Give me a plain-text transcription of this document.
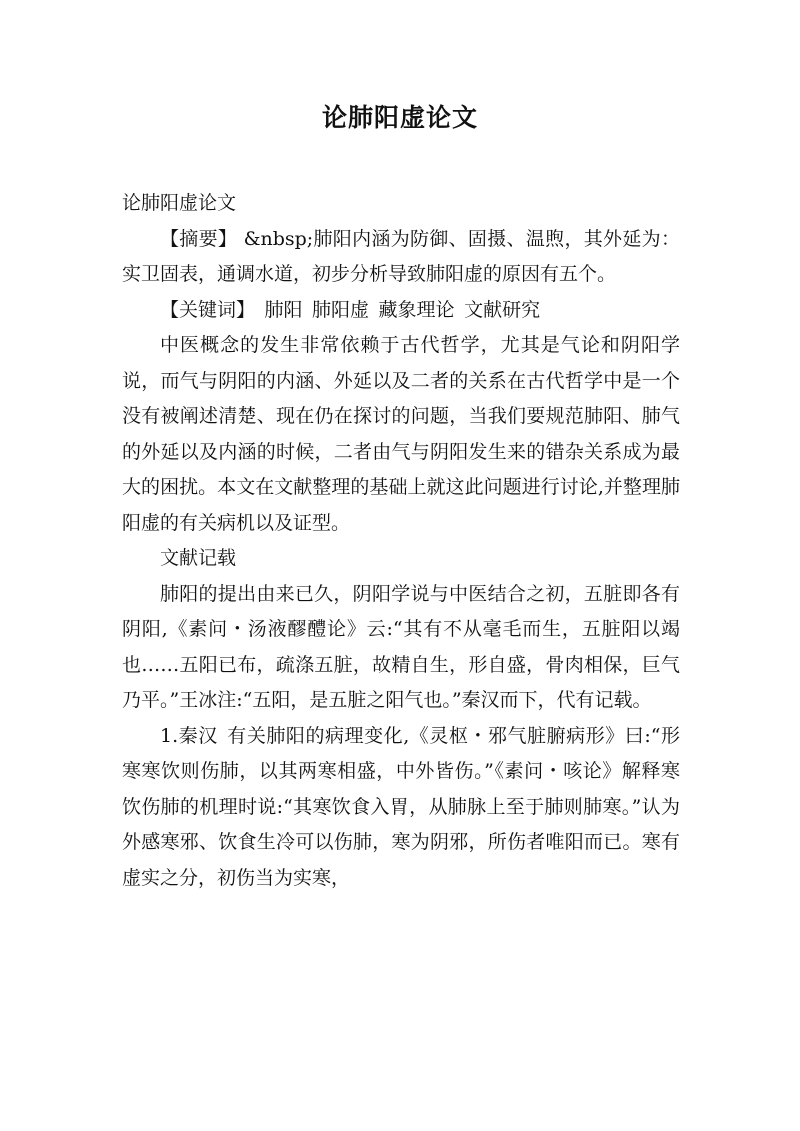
论肺阳虚论文

论肺阳虚论文

【摘要】 &nbsp;肺阳内涵为防御、固摄、温煦，其外延为：实卫固表，通调水道，初步分析导致肺阳虚的原因有五个。

【关键词】 肺阳 肺阳虚 藏象理论 文献研究

中医概念的发生非常依赖于古代哲学，尤其是气论和阴阳学说，而气与阴阳的内涵、外延以及二者的关系在古代哲学中是一个没有被阐述清楚、现在仍在探讨的问题，当我们要规范肺阳、肺气的外延以及内涵的时候，二者由气与阴阳发生来的错杂关系成为最大的困扰。本文在文献整理的基础上就这此问题进行讨论,并整理肺阳虚的有关病机以及证型。

文献记载

肺阳的提出由来已久，阴阳学说与中医结合之初，五脏即各有阴阳,《素问・汤液醪醴论》云:“其有不从毫毛而生，五脏阳以竭也……五阳已布，疏涤五脏，故精自生，形自盛，骨肉相保，巨气乃平。”王冰注:“五阳，是五脏之阳气也。”秦汉而下，代有记载。

1.秦汉 有关肺阳的病理变化,《灵枢・邪气脏腑病形》曰:“形寒寒饮则伤肺，以其两寒相盛，中外皆伤。”《素问・咳论》解释寒饮伤肺的机理时说:“其寒饮食入胃，从肺脉上至于肺则肺寒。”认为外感寒邪、饮食生冷可以伤肺，寒为阴邪，所伤者唯阳而已。寒有虚实之分，初伤当为实寒，
